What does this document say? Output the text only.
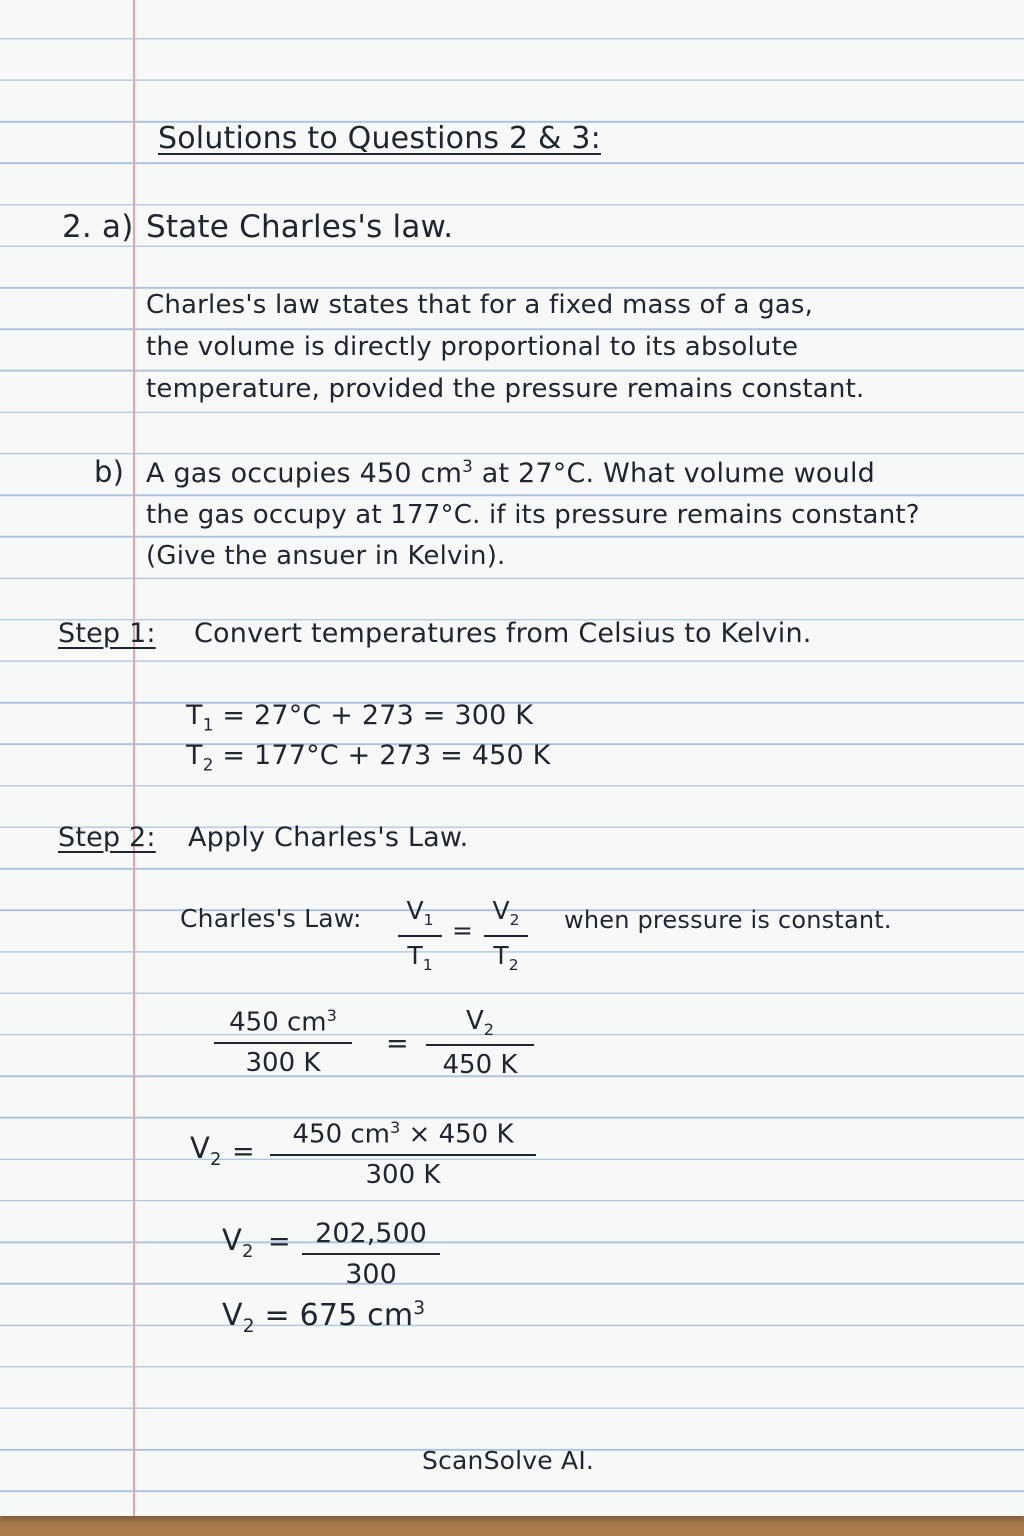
Solutions to Questions 2 & 3:
2. a) State Charles's law.
Charles's law states that for a fixed mass of a gas,
the volume is directly proportional to its absolute
temperature, provided the pressure remains constant.
b) A gas occupies 450 $cm^3$ at 27°C. What volume would
the gas occupy at 177°C. if its pressure remains constant?
(Give the ansuer in Kelvin).
Step 1: Convert temperatures from Celsius to Kelvin.
$T_1 = 27^\circ C + 273 = 300$ K
$T_2 = 177^\circ C + 273 = 450$ K
Step 2: Apply Charles's Law.
Charles's Law:	$V_1$
$T_1$
=
$V_2$
$T_2$
when pressure is constant.
450 $cm^3$
300 K
=
$V_2$
450 K
$V_2$ =
450 $cm^3 \times 450$ K
300 K
$V_2 = 202,500$
300
$V_2 = 675$ $cm^3$
ScanSolve AI.
